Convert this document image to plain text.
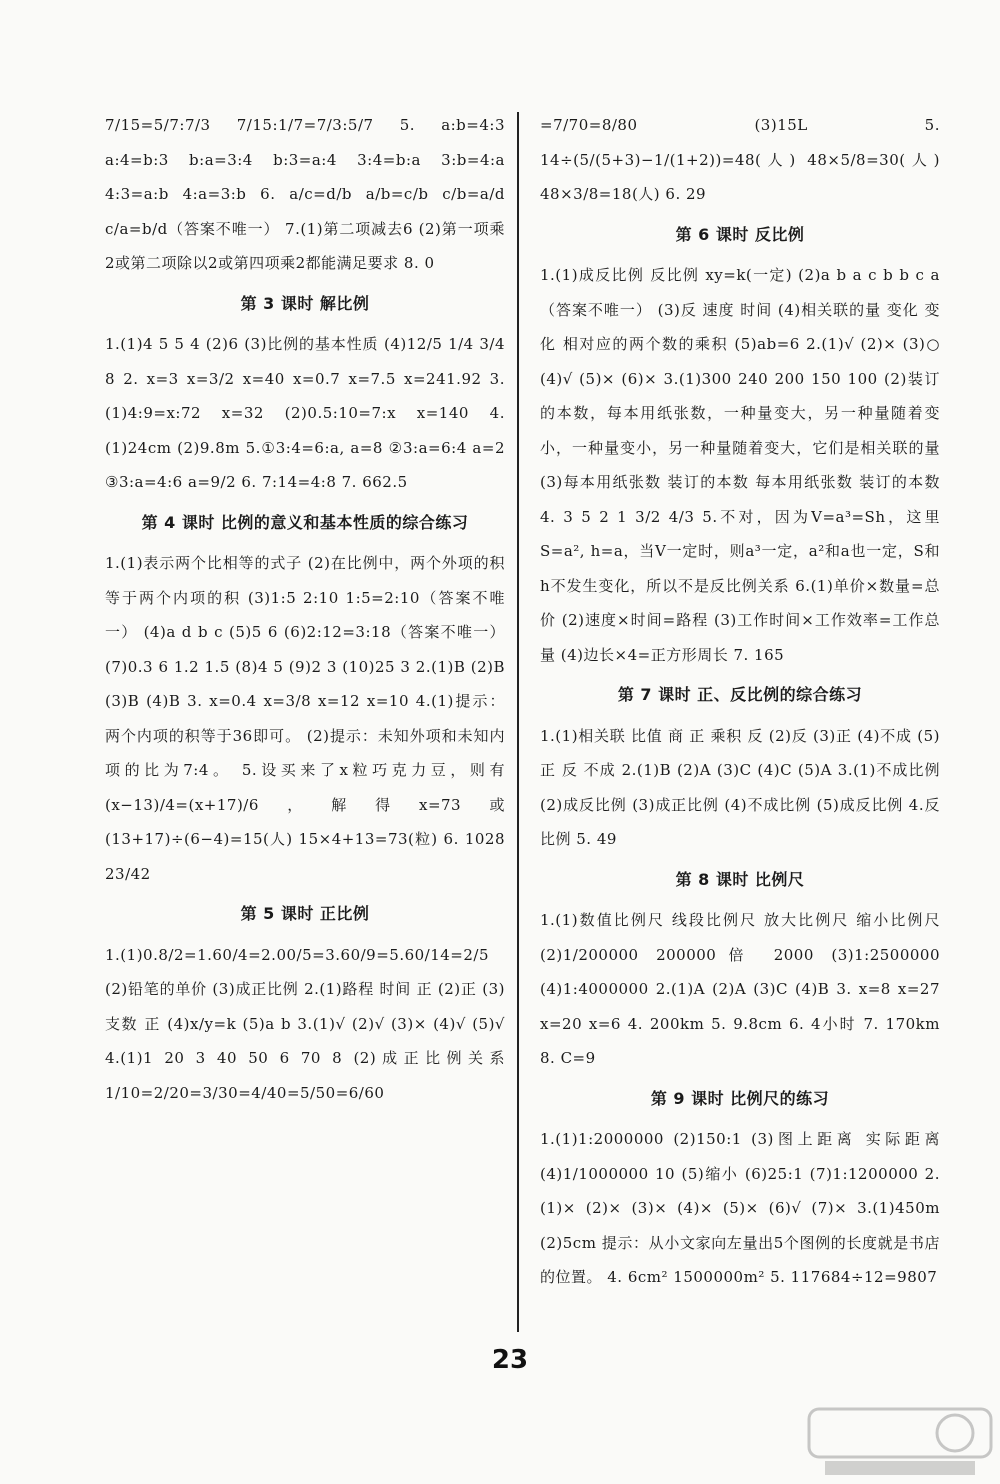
7/15=5/7:7/3 7/15:1/7=7/3:5/7 5. a:b=4:3 a:4=b:3 b:a=3:4 b:3=a:4 3:4=b:a 3:b=4:a 4:3=a:b 4:a=3:b 6. a/c=d/b a/b=c/b c/b=a/d c/a=b/d（答案不唯一） 7.(1)第二项减去6 (2)第一项乘2或第二项除以2或第四项乘2都能满足要求 8. 0
第 3 课时 解比例
1.(1)4 5 5 4 (2)6 (3)比例的基本性质 (4)12/5 1/4 3/4 8 2. x=3 x=3/2 x=40 x=0.7 x=7.5 x=241.92 3.(1)4:9=x:72 x=32 (2)0.5:10=7:x x=140 4.(1)24cm (2)9.8m 5.①3:4=6:a, a=8 ②3:a=6:4 a=2 ③3:a=4:6 a=9/2 6. 7:14=4:8 7. 662.5
第 4 课时 比例的意义和基本性质的综合练习
1.(1)表示两个比相等的式子 (2)在比例中，两个外项的积等于两个内项的积 (3)1:5 2:10 1:5=2:10（答案不唯一） (4)a d b c (5)5 6 (6)2:12=3:18（答案不唯一） (7)0.3 6 1.2 1.5 (8)4 5 (9)2 3 (10)25 3 2.(1)B (2)B (3)B (4)B 3. x=0.4 x=3/8 x=12 x=10 4.(1)提示：两个内项的积等于36即可。 (2)提示：未知外项和未知内项的比为7:4。 5.设买来了x粒巧克力豆，则有(x−13)/4=(x+17)/6，解得x=73或(13+17)÷(6−4)=15(人) 15×4+13=73(粒) 6. 1028 23/42
第 5 课时 正比例
1.(1)0.8/2=1.60/4=2.00/5=3.60/9=5.60/14=2/5 (2)铅笔的单价 (3)成正比例 2.(1)路程 时间 正 (2)正 (3)支数 正 (4)x/y=k (5)a b 3.(1)√ (2)√ (3)× (4)√ (5)√ 4.(1)1 20 3 40 50 6 70 8 (2)成正比例关系 1/10=2/20=3/30=4/40=5/50=6/60
=7/70=8/80 (3)15L 5. 14÷(5/(5+3)−1/(1+2))=48(人) 48×5/8=30(人) 48×3/8=18(人) 6. 29
第 6 课时 反比例
1.(1)成反比例 反比例 xy=k(一定) (2)a b a c b b c a（答案不唯一） (3)反 速度 时间 (4)相关联的量 变化 变化 相对应的两个数的乘积 (5)ab=6 2.(1)√ (2)× (3)○ (4)√ (5)× (6)× 3.(1)300 240 200 150 100 (2)装订的本数，每本用纸张数，一种量变大，另一种量随着变小，一种量变小，另一种量随着变大，它们是相关联的量 (3)每本用纸张数 装订的本数 每本用纸张数 装订的本数 4. 3 5 2 1 3/2 4/3 5.不对，因为V=a³=Sh，这里S=a², h=a，当V一定时，则a³一定，a²和a也一定，S和h不发生变化，所以不是反比例关系 6.(1)单价×数量=总价 (2)速度×时间=路程 (3)工作时间×工作效率=工作总量 (4)边长×4=正方形周长 7. 165
第 7 课时 正、反比例的综合练习
1.(1)相关联 比值 商 正 乘积 反 (2)反 (3)正 (4)不成 (5)正 反 不成 2.(1)B (2)A (3)C (4)C (5)A 3.(1)不成比例 (2)成反比例 (3)成正比例 (4)不成比例 (5)成反比例 4.反比例 5. 49
第 8 课时 比例尺
1.(1)数值比例尺 线段比例尺 放大比例尺 缩小比例尺 (2)1/200000 200000倍 2000 (3)1:2500000 (4)1:4000000 2.(1)A (2)A (3)C (4)B 3. x=8 x=27 x=20 x=6 4. 200km 5. 9.8cm 6. 4小时 7. 170km 8. C=9
第 9 课时 比例尺的练习
1.(1)1:2000000 (2)150:1 (3)图上距离 实际距离 (4)1/1000000 10 (5)缩小 (6)25:1 (7)1:1200000 2.(1)× (2)× (3)× (4)× (5)× (6)√ (7)× 3.(1)450m (2)5cm 提示：从小文家向左量出5个图例的长度就是书店的位置。 4. 6cm² 1500000m² 5. 117684÷12=9807
23
